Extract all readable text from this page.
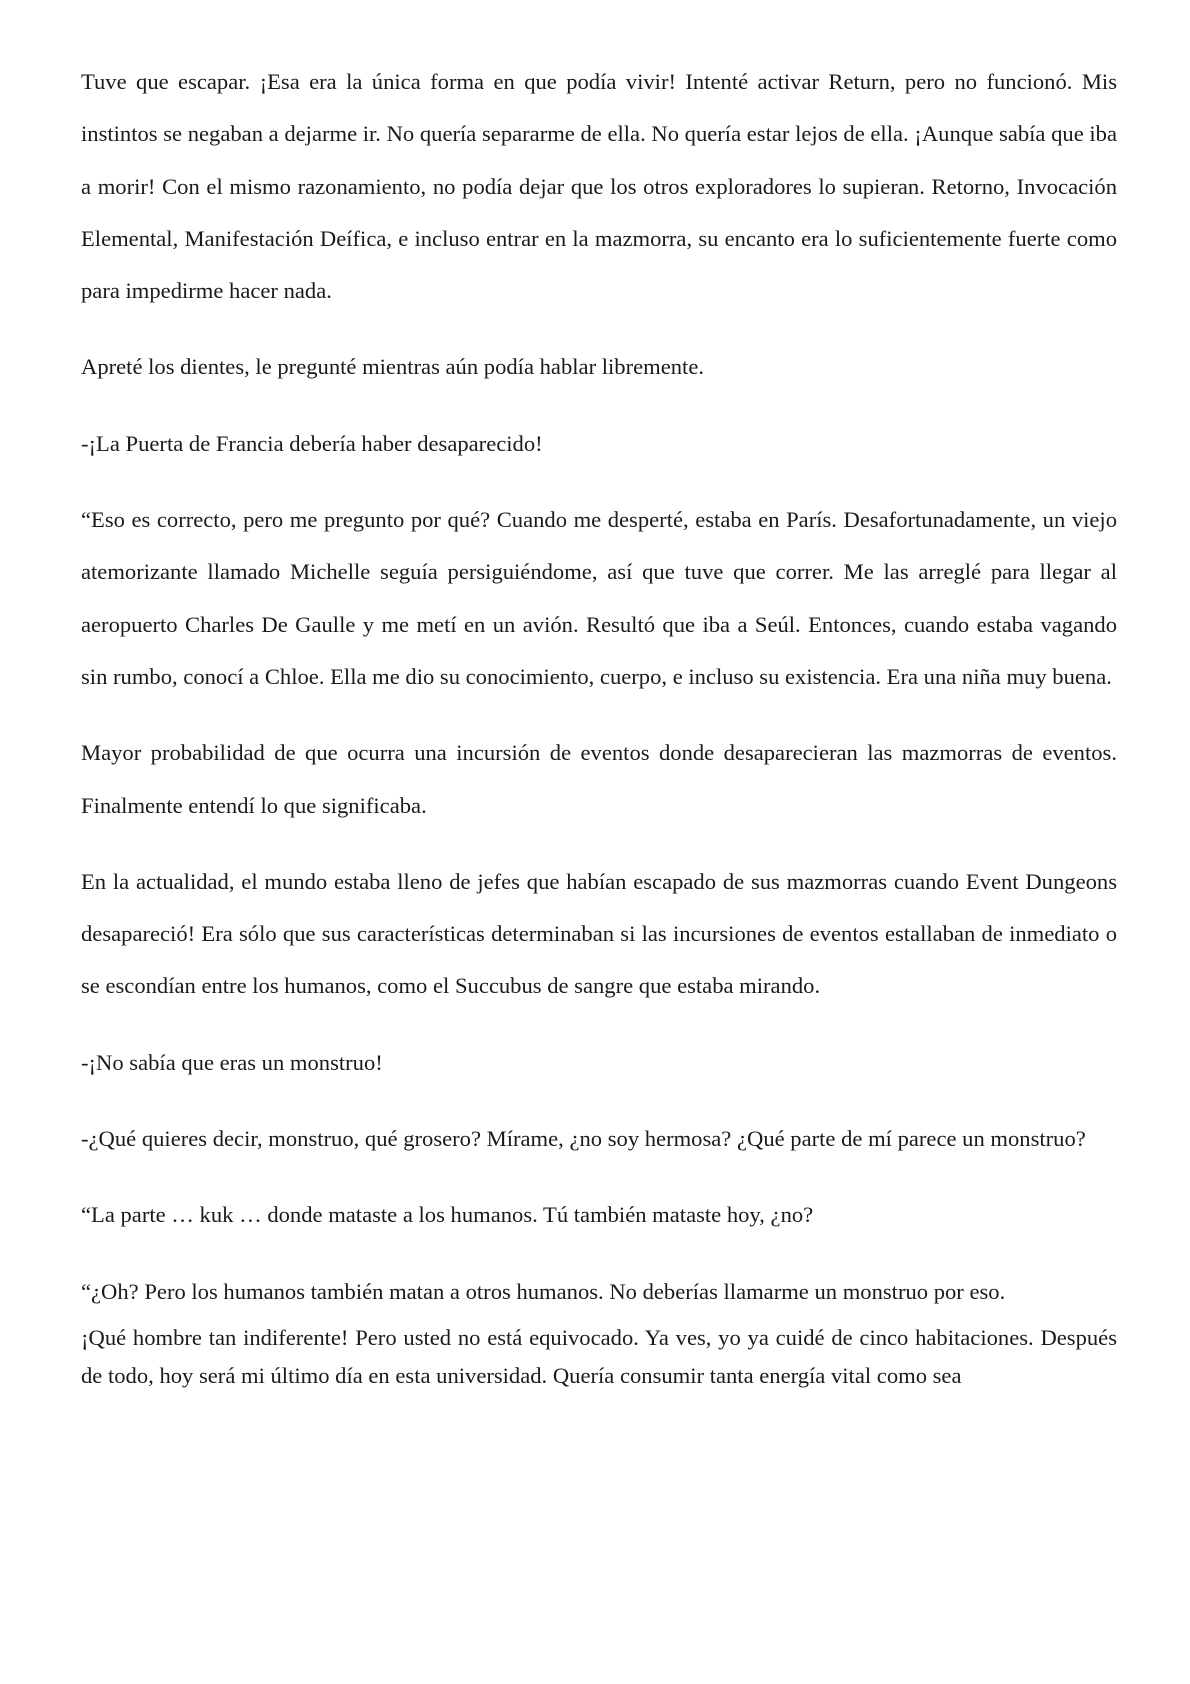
Tuve que escapar. ¡Esa era la única forma en que podía vivir! Intenté activar Return, pero no funcionó. Mis instintos se negaban a dejarme ir. No quería separarme de ella. No quería estar lejos de ella. ¡Aunque sabía que iba a morir! Con el mismo razonamiento, no podía dejar que los otros exploradores lo supieran. Retorno, Invocación Elemental, Manifestación Deífica, e incluso entrar en la mazmorra, su encanto era lo suficientemente fuerte como para impedirme hacer nada.

Apreté los dientes, le pregunté mientras aún podía hablar libremente.

-¡La Puerta de Francia debería haber desaparecido!

“Eso es correcto, pero me pregunto por qué? Cuando me desperté, estaba en París. Desafortunadamente, un viejo atemorizante llamado Michelle seguía persiguiéndome, así que tuve que correr. Me las arreglé para llegar al aeropuerto Charles De Gaulle y me metí en un avión. Resultó que iba a Seúl. Entonces, cuando estaba vagando sin rumbo, conocí a Chloe. Ella me dio su conocimiento, cuerpo, e incluso su existencia. Era una niña muy buena.

Mayor probabilidad de que ocurra una incursión de eventos donde desaparecieran las mazmorras de eventos. Finalmente entendí lo que significaba.

En la actualidad, el mundo estaba lleno de jefes que habían escapado de sus mazmorras cuando Event Dungeons desapareció! Era sólo que sus características determinaban si las incursiones de eventos estallaban de inmediato o se escondían entre los humanos, como el Succubus de sangre que estaba mirando.

-¡No sabía que eras un monstruo!

-¿Qué quieres decir, monstruo, qué grosero? Mírame, ¿no soy hermosa? ¿Qué parte de mí parece un monstruo?

“La parte … kuk … donde mataste a los humanos. Tú también mataste hoy, ¿no?

“¿Oh? Pero los humanos también matan a otros humanos. No deberías llamarme un monstruo por eso.

¡Qué hombre tan indiferente! Pero usted no está equivocado. Ya ves, yo ya cuidé de cinco habitaciones. Después de todo, hoy será mi último día en esta universidad. Quería consumir tanta energía vital como sea
